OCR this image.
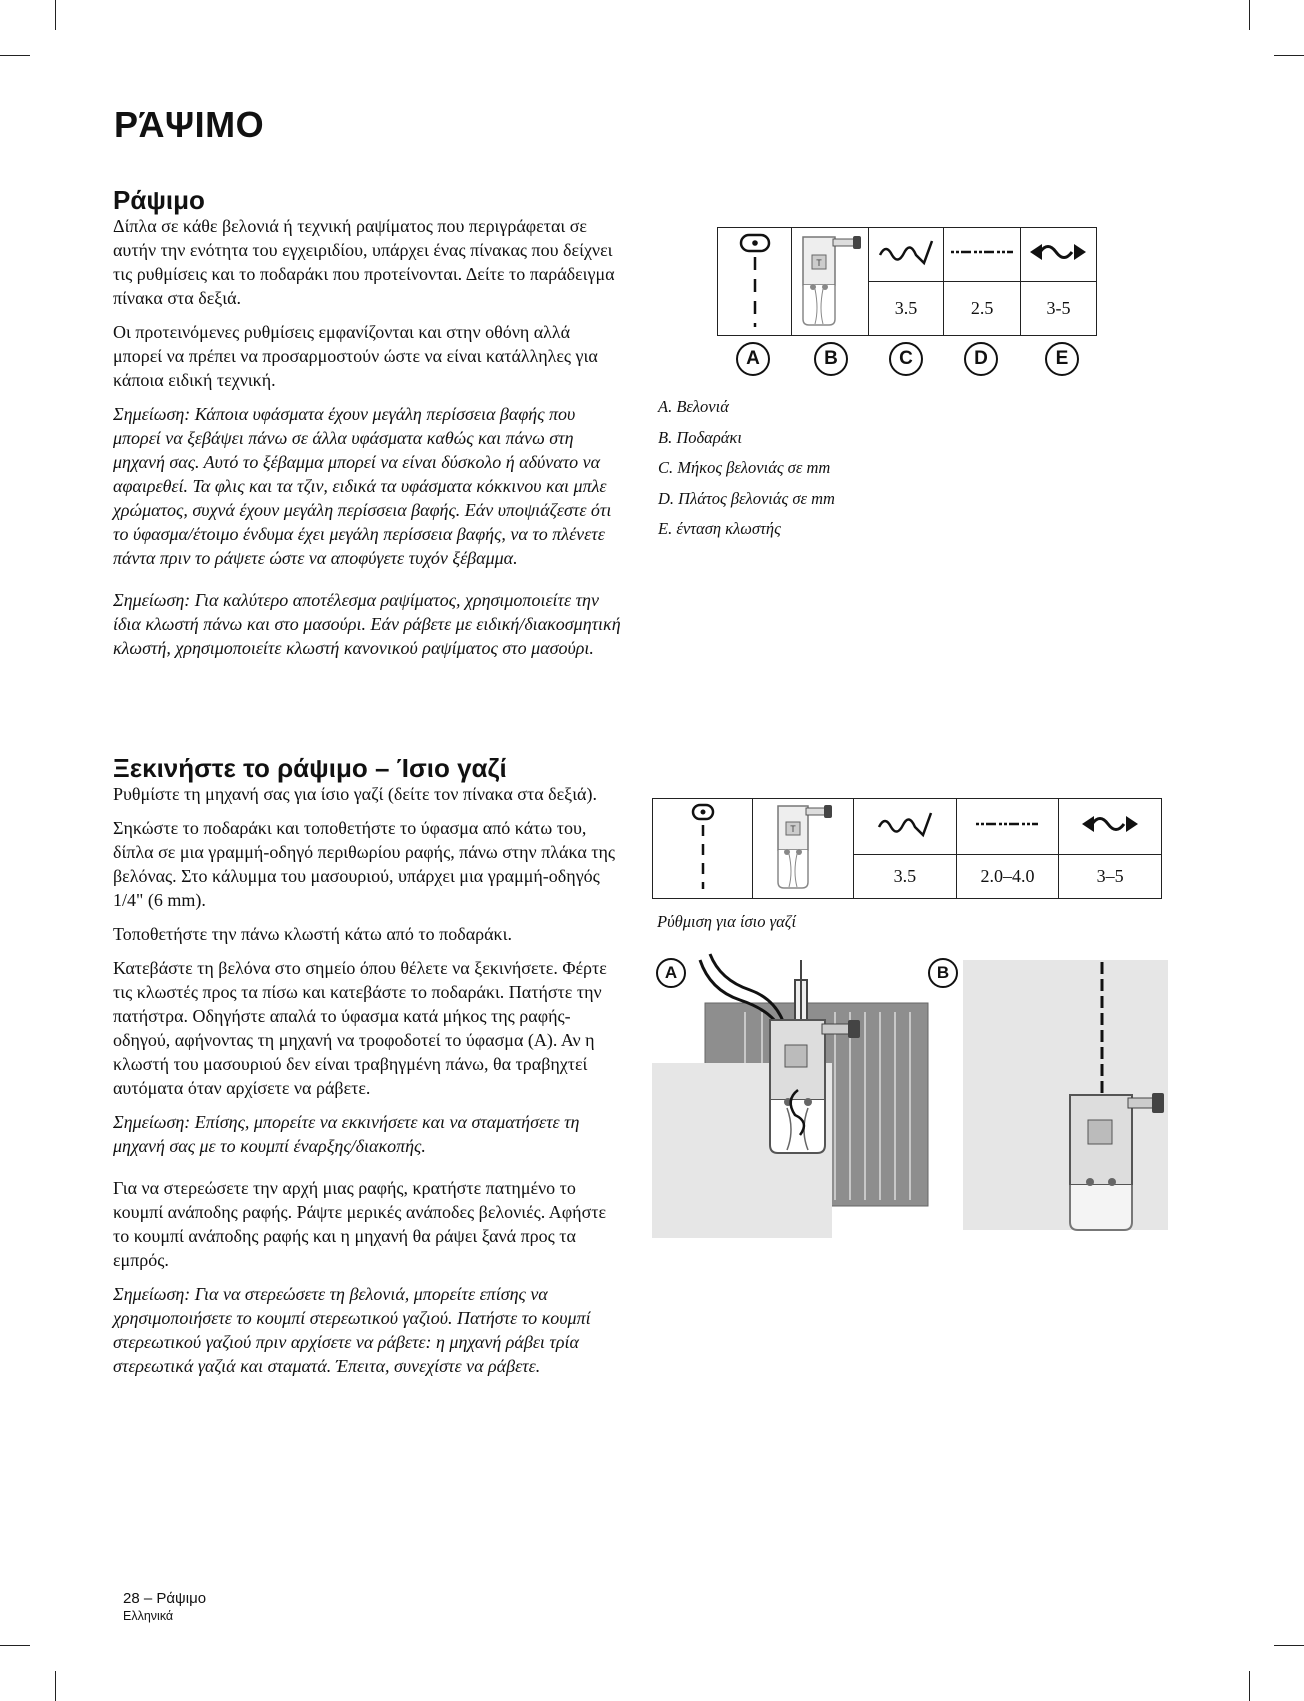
ΡΆΨΙΜΟ
Ράψιμο

Δίπλα σε κάθε βελονιά ή τεχνική ραψίματος που περιγράφεται σε αυτήν την ενότητα του εγχειριδίου, υπάρχει ένας πίνακας που δείχνει τις ρυθμίσεις και το ποδαράκι που προτείνονται. Δείτε το παράδειγμα πίνακα στα δεξιά.

Οι προτεινόμενες ρυθμίσεις εμφανίζονται και στην οθόνη αλλά μπορεί να πρέπει να προσαρμοστούν ώστε να είναι κατάλληλες για κάποια ειδική τεχνική.

Σημείωση: Κάποια υφάσματα έχουν μεγάλη περίσσεια βαφής που μπορεί να ξεβάψει πάνω σε άλλα υφάσματα καθώς και πάνω στη μηχανή σας. Αυτό το ξέβαμμα μπορεί να είναι δύσκολο ή αδύνατο να αφαιρεθεί. Τα φλις και τα τζιν, ειδικά τα υφάσματα κόκκινου και μπλε χρώματος, συχνά έχουν μεγάλη περίσσεια βαφής. Εάν υποψιάζεστε ότι το ύφασμα/έτοιμο ένδυμα έχει μεγάλη περίσσεια βαφής, να το πλένετε πάντα πριν το ράψετε ώστε να αποφύγετε τυχόν ξέβαμμα.

Σημείωση: Για καλύτερο αποτέλεσμα ραψίματος, χρησιμοποιείτε την ίδια κλωστή πάνω και στο μασούρι. Εάν ράβετε με ειδική/διακοσμητική κλωστή, χρησιμοποιείτε κλωστή κανονικού ραψίματος στο μασούρι.

T

		3.5	2.5	3-5
A	B	C	D	E
A. Βελονιά
B. Ποδαράκι
C. Μήκος βελονιάς σε mm
D. Πλάτος βελονιάς σε mm
E. ένταση κλωστής
Ξεκινήστε το ράψιμο – Ίσιο γαζί

Ρυθμίστε τη μηχανή σας για ίσιο γαζί (δείτε τον πίνακα στα δεξιά).

Σηκώστε το ποδαράκι και τοποθετήστε το ύφασμα από κάτω του, δίπλα σε μια γραμμή-οδηγό περιθωρίου ραφής, πάνω στην πλάκα της βελόνας. Στο κάλυμμα του μασουριού, υπάρχει μια γραμμή-οδηγός 1/4" (6 mm).

Τοποθετήστε την πάνω κλωστή κάτω από το ποδαράκι.

Κατεβάστε τη βελόνα στο σημείο όπου θέλετε να ξεκινήσετε. Φέρτε τις κλωστές προς τα πίσω και κατεβάστε το ποδαράκι. Πατήστε την πατήστρα. Οδηγήστε απαλά το ύφασμα κατά μήκος της ραφής-οδηγού, αφήνοντας τη μηχανή να τροφοδοτεί το ύφασμα (A). Αν η κλωστή του μασουριού δεν είναι τραβηγμένη πάνω, θα τραβηχτεί αυτόματα όταν αρχίσετε να ράβετε.

Σημείωση: Επίσης, μπορείτε να εκκινήσετε και να σταματήσετε τη μηχανή σας με το κουμπί έναρξης/διακοπής.

Για να στερεώσετε την αρχή μιας ραφής, κρατήστε πατημένο το κουμπί ανάποδης ραφής. Ράψτε μερικές ανάποδες βελονιές. Αφήστε το κουμπί ανάποδης ραφής και η μηχανή θα ράψει ξανά προς τα εμπρός.

Σημείωση: Για να στερεώσετε τη βελονιά, μπορείτε επίσης να χρησιμοποιήσετε το κουμπί στερεωτικού γαζιού. Πατήστε το κουμπί στερεωτικού γαζιού πριν αρχίσετε να ράβετε: η μηχανή ράβει τρία στερεωτικά γαζιά και σταματά. Έπειτα, συνεχίστε να ράβετε.

T

		3.5	2.0–4.0	3–5
Ρύθμιση για ίσιο γαζί
A	B
28 – Ράψιμο
Ελληνικά
